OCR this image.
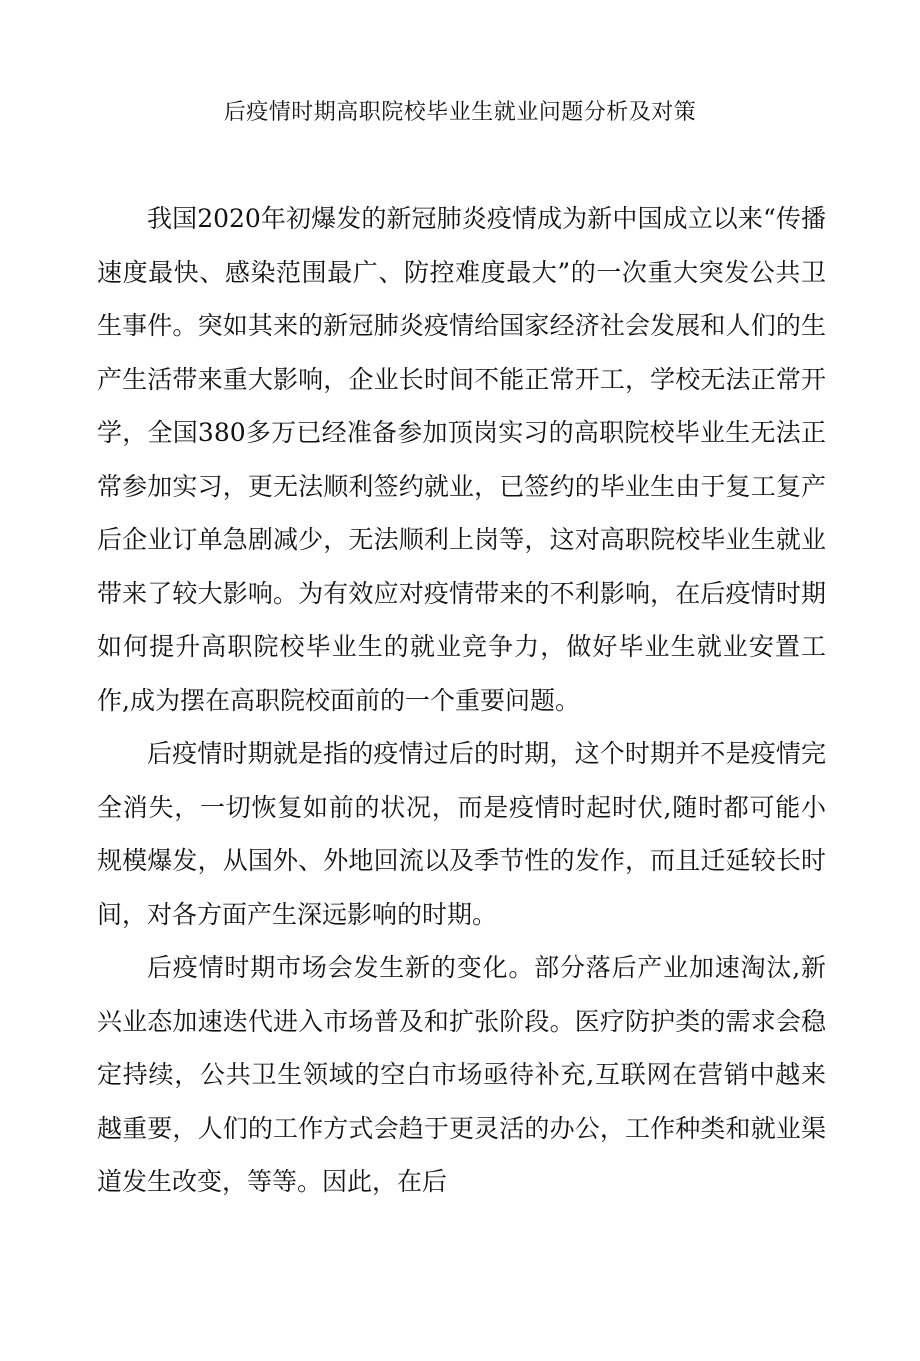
后疫情时期高职院校毕业生就业问题分析及对策

我国2020年初爆发的新冠肺炎疫情成为新中国成立以来“传播速度最快、感染范围最广、防控难度最大”的一次重大突发公共卫生事件。突如其来的新冠肺炎疫情给国家经济社会发展和人们的生产生活带来重大影响，企业长时间不能正常开工，学校无法正常开学，全国380多万已经准备参加顶岗实习的高职院校毕业生无法正常参加实习，更无法顺利签约就业，已签约的毕业生由于复工复产后企业订单急剧减少，无法顺利上岗等，这对高职院校毕业生就业带来了较大影响。为有效应对疫情带来的不利影响，在后疫情时期如何提升高职院校毕业生的就业竞争力，做好毕业生就业安置工作,成为摆在高职院校面前的一个重要问题。

后疫情时期就是指的疫情过后的时期，这个时期并不是疫情完全消失，一切恢复如前的状况，而是疫情时起时伏,随时都可能小规模爆发，从国外、外地回流以及季节性的发作，而且迁延较长时间，对各方面产生深远影响的时期。

后疫情时期市场会发生新的变化。部分落后产业加速淘汰,新兴业态加速迭代进入市场普及和扩张阶段。医疗防护类的需求会稳定持续，公共卫生领域的空白市场亟待补充,互联网在营销中越来越重要，人们的工作方式会趋于更灵活的办公，工作种类和就业渠道发生改变，等等。因此，在后
